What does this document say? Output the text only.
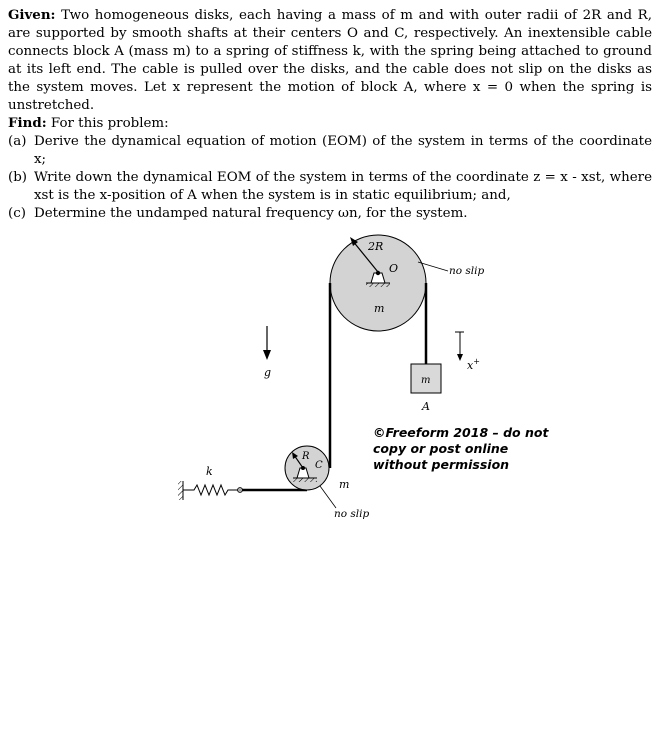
Given: Two homogeneous disks, each having a mass of m and with outer radii of 2R and R, are supported by smooth shafts at their centers O and C, respectively. An inextensible cable connects block A (mass m) to a spring of stiffness k, with the spring being attached to ground at its left end. The cable is pulled over the disks, and the cable does not slip on the disks as the system moves. Let x represent the motion of block A, where x = 0 when the spring is unstretched.
Find: For this problem:
(a) Derive the dynamical equation of motion (EOM) of the system in terms of the coordinate x;
(b) Write down the dynamical EOM of the system in terms of the coordinate z = x - xst, where xst is the x-position of A when the system is in static equilibrium; and,
(c) Determine the undamped natural frequency ωn, for the system.
2R
O
m
no slip
m
A
g
x+
R
C
m
no slip
k
©Freeform 2018 – do not copy or post online without permission
